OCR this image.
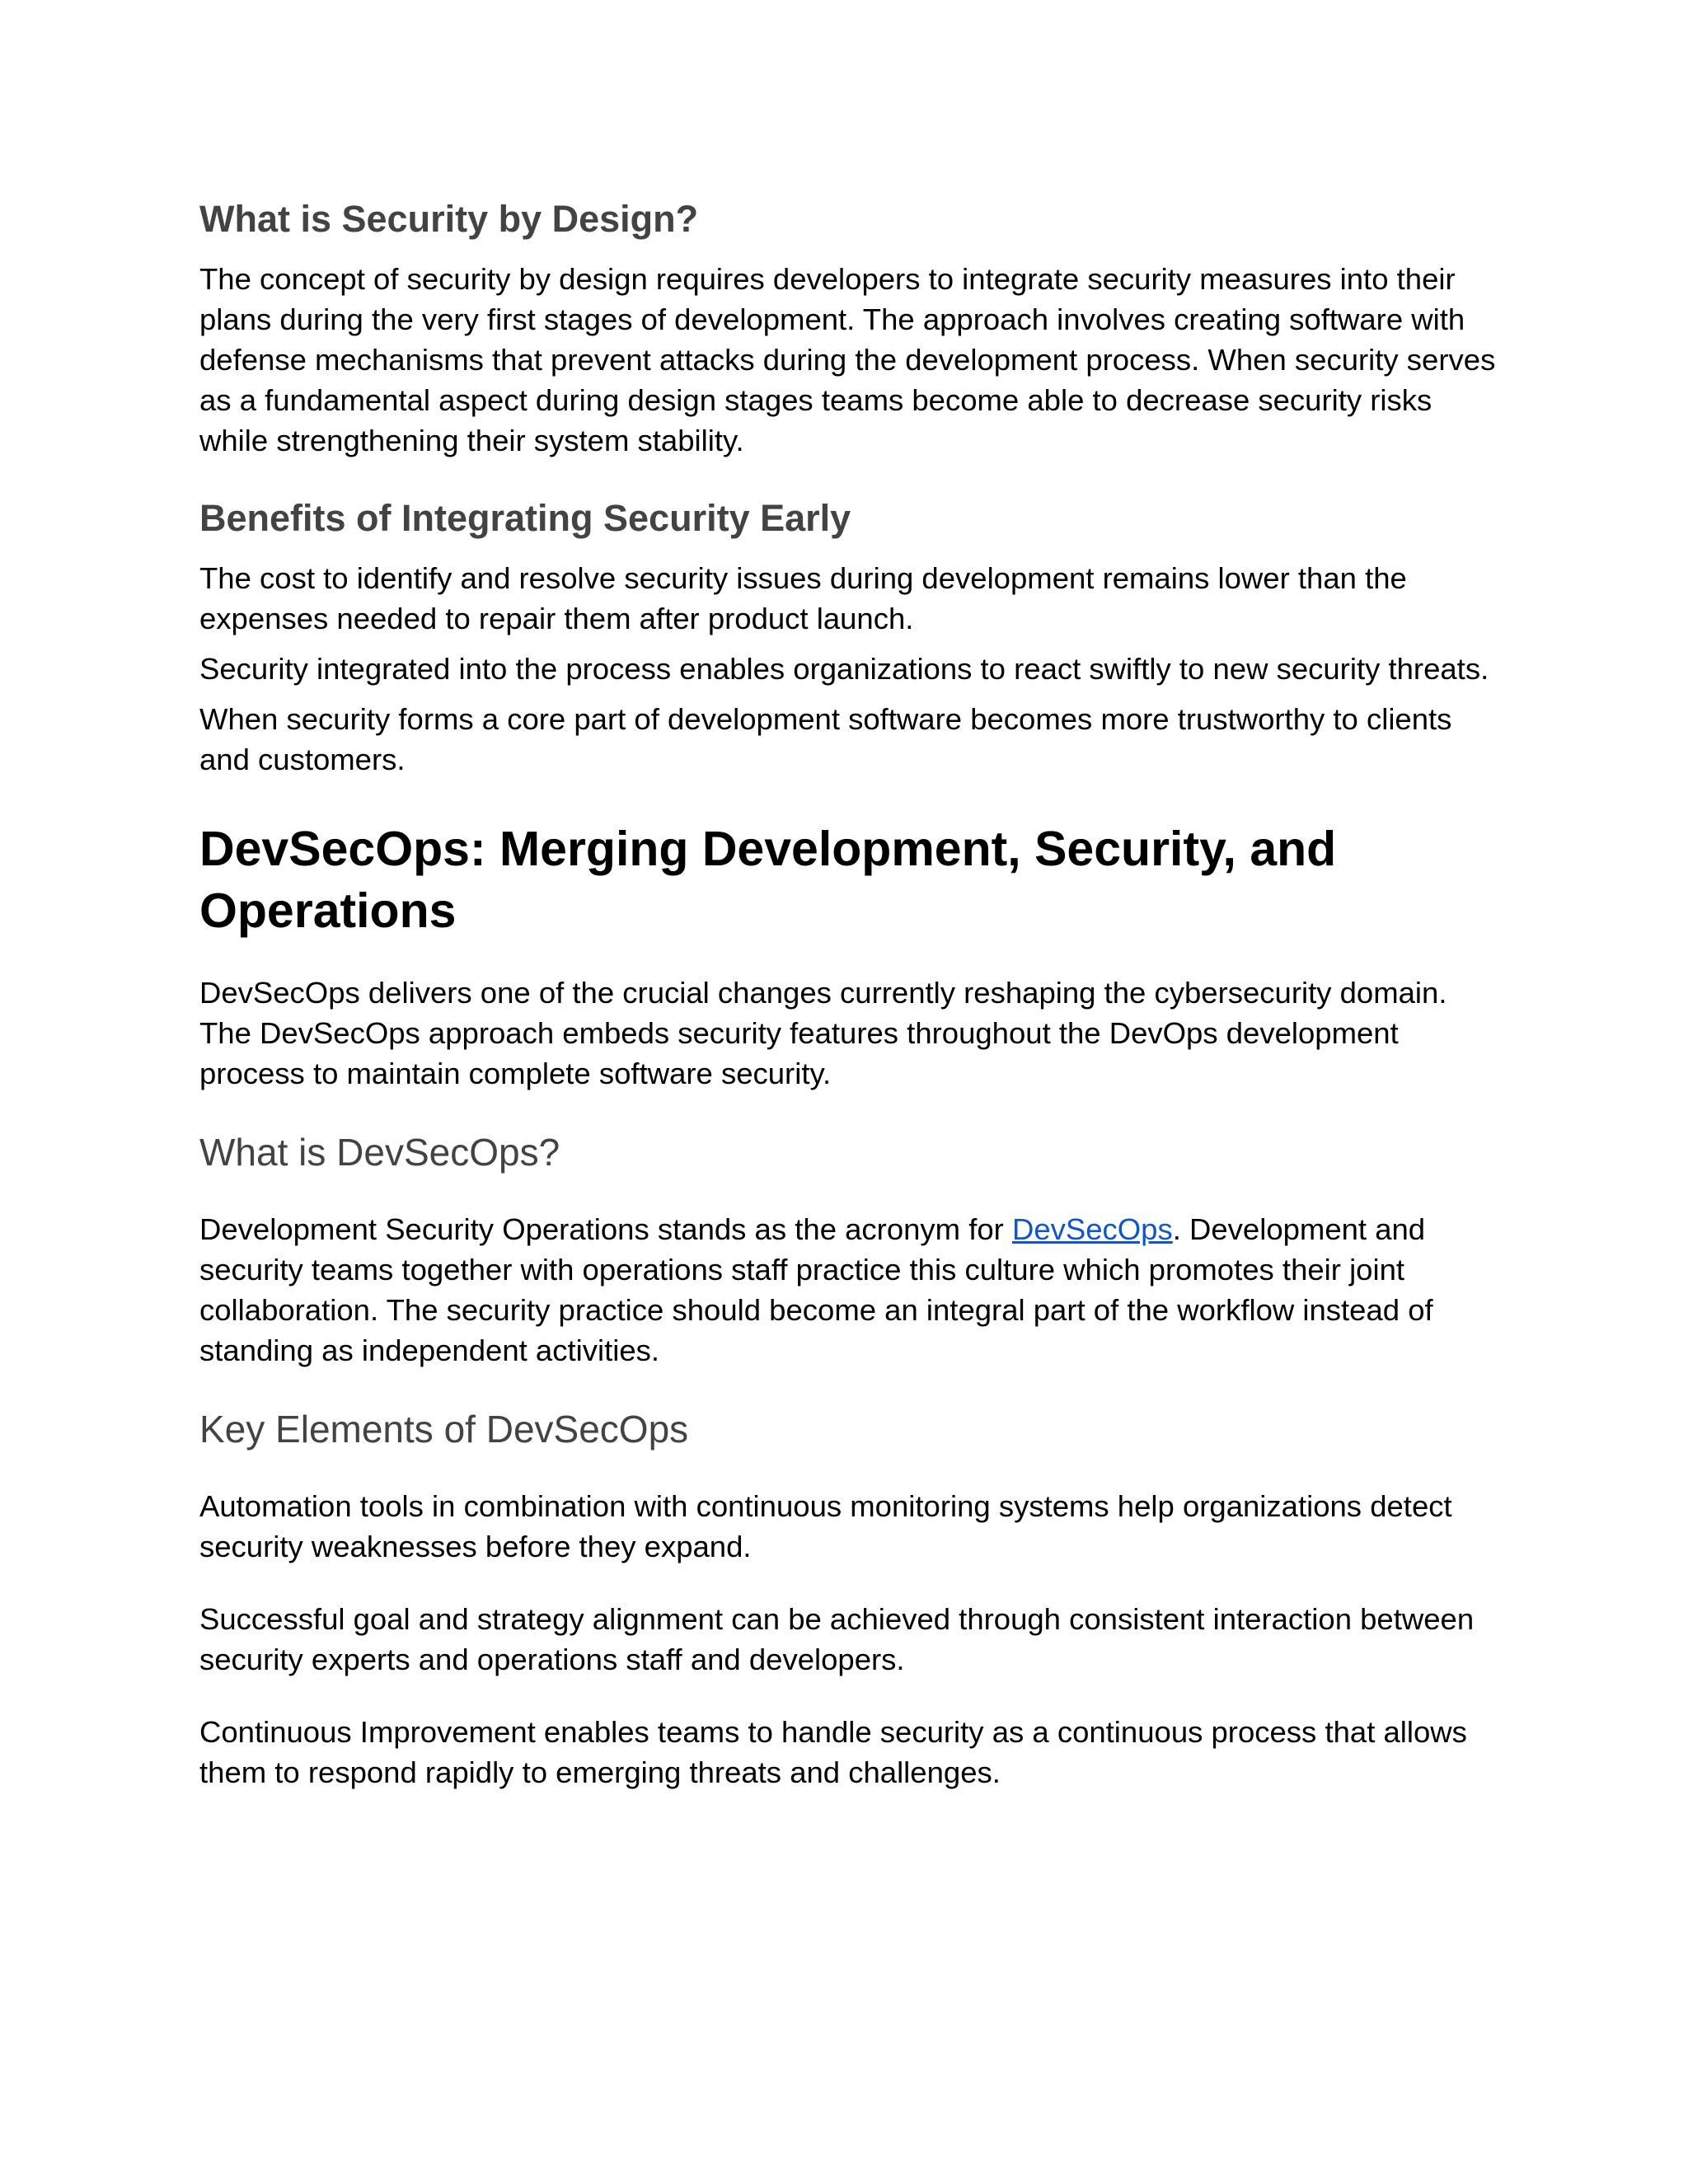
What is Security by Design?

The concept of security by design requires developers to integrate security measures into their plans during the very first stages of development. The approach involves creating software with defense mechanisms that prevent attacks during the development process. When security serves as a fundamental aspect during design stages teams become able to decrease security risks while strengthening their system stability.

Benefits of Integrating Security Early

The cost to identify and resolve security issues during development remains lower than the expenses needed to repair them after product launch.

Security integrated into the process enables organizations to react swiftly to new security threats.

When security forms a core part of development software becomes more trustworthy to clients and customers.

DevSecOps: Merging Development, Security, and Operations

DevSecOps delivers one of the crucial changes currently reshaping the cybersecurity domain. The DevSecOps approach embeds security features throughout the DevOps development process to maintain complete software security.

What is DevSecOps?

Development Security Operations stands as the acronym for DevSecOps. Development and security teams together with operations staff practice this culture which promotes their joint collaboration. The security practice should become an integral part of the workflow instead of standing as independent activities.

Key Elements of DevSecOps

Automation tools in combination with continuous monitoring systems help organizations detect security weaknesses before they expand.

Successful goal and strategy alignment can be achieved through consistent interaction between security experts and operations staff and developers.

Continuous Improvement enables teams to handle security as a continuous process that allows them to respond rapidly to emerging threats and challenges.
